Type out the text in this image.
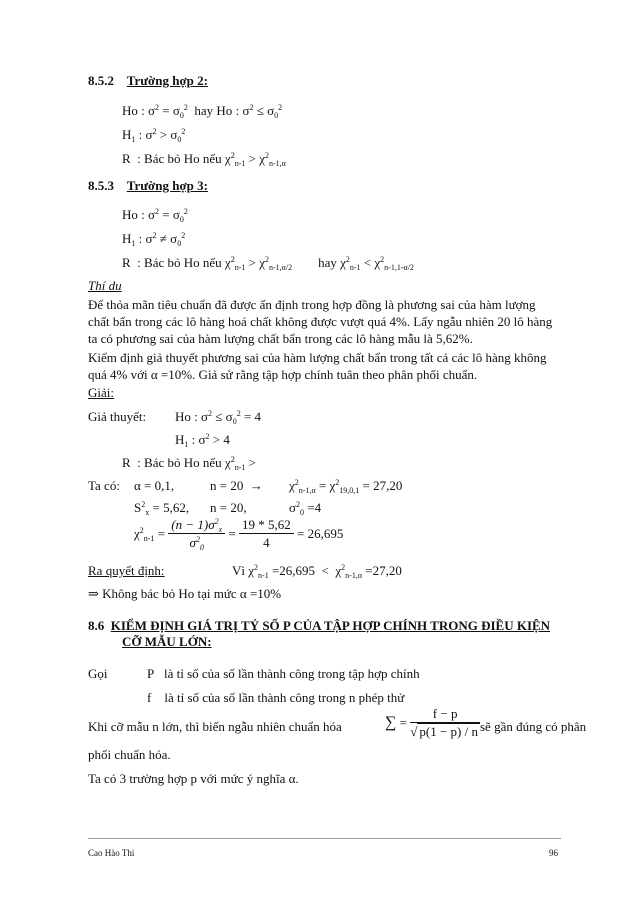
8.5.2 Trường hợp 2:
Ho : $\sigma^2 = \sigma_0^2$ hay Ho : $\sigma^2 \le \sigma_0^2$
$H_1$ : $\sigma^2 > \sigma_0^2$
R : Bác bỏ Ho nếu $\chi^2_{n-1} > \chi^2_{n-1,\alpha}$
8.5.3 Trường hợp 3:
Ho : $\sigma^2 = \sigma_0^2$
$H_1$ : $\sigma^2 \ne \sigma_0^2$
R : Bác bỏ Ho nếu $\chi^2_{n-1} > \chi^2_{n-1,\alpha/2}$ hay $\chi^2_{n-1} < \chi^2_{n-1,1-\alpha/2}$
Thí du
Để thỏa mãn tiêu chuẩn đã được ấn định trong hợp đồng là phương sai của hàm lượng
chất bẩn trong các lô hàng hoá chất không được vượt quá 4%. Lấy ngẫu nhiên 20 lô hàng
ta có phương sai của hàm lượng chất bẩn trong các lô hàng mẫu là 5,62%.
Kiểm định giả thuyết phương sai của hàm lượng chất bẩn trong tất cả các lô hàng không
quá 4% với α =10%. Giả sử rằng tập hợp chính tuân theo phân phối chuẩn.
Giải:
Giả thuyết: Ho : $\sigma^2 \le \sigma_0^2 = 4$
$H_1$ : $\sigma^2 > 4$
R : Bác bỏ Ho nếu $\chi^2_{n-1}$ >
Ta có: α = 0,1,	$n = 20 \to \chi^2_{n-1,\alpha} = \chi^2_{19,0,1} = 27,20$
$S^2_x = 5,62$, n = 20,	$\sigma^2_0 =4$
$\chi^2_{n-1} = \frac{(n - 1)\sigma^2_x}{\sigma^2_0} = \frac{19 * 5,62}{4} = 26,695$
Ra quyết định:	Vì $\chi^2_{n-1} =26,695 < \chi^2_{n-1,\alpha} =27,20$
⇒ Không bác bỏ Ho tại mức α =10%
8.6 KIỂM ĐỊNH GIÁ TRỊ TỶ SỐ P CỦA TẬP HỢP CHÍNH TRONG ĐIỀU KIỆN
CỠ MẪU LỚN:
Gọi	P là tỉ số của số lần thành công trong tập hợp chính
f là tỉ số của số lần thành công trong n phép thử
Khi cỡ mẫu n lớn, thì biến ngẫu nhiên chuẩn hóa	∑ = $\frac{f - p}{√ p(1 - p) / n}$ sẽ gần đúng có phân
phối chuẩn hóa.
Ta có 3 trường hợp p với mức ý nghĩa α.
Cao Hào Thi	96
